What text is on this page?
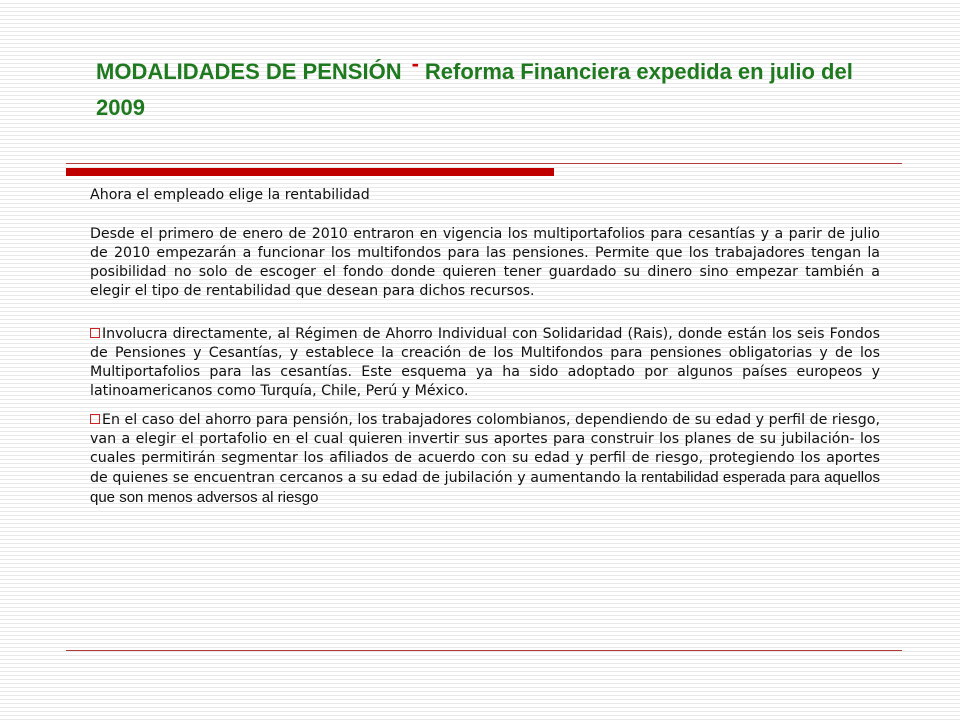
MODALIDADES DE PENSIÓN - Reforma Financiera expedida en julio del 2009

Ahora el empleado elige la rentabilidad

Desde el primero de enero de 2010 entraron en vigencia los multiportafolios para cesantías y a parir de julio de 2010 empezarán a funcionar los multifondos para las pensiones. Permite que los trabajadores tengan la posibilidad no solo de escoger el fondo donde quieren tener guardado su dinero sino empezar también a elegir el tipo de rentabilidad que desean para dichos recursos.

Involucra directamente, al Régimen de Ahorro Individual con Solidaridad (Rais), donde están los seis Fondos de Pensiones y Cesantías, y establece la creación de los Multifondos para pensiones obligatorias y de los Multiportafolios para las cesantías. Este esquema ya ha sido adoptado por algunos países europeos y latinoamericanos como Turquía, Chile, Perú y México.

En el caso del ahorro para pensión, los trabajadores colombianos, dependiendo de su edad y perfil de riesgo, van a elegir el portafolio en el cual quieren invertir sus aportes para construir los planes de su jubilación- los cuales permitirán segmentar los afiliados de acuerdo con su edad y perfil de riesgo, protegiendo los aportes de quienes se encuentran cercanos a su edad de jubilación y aumentando la rentabilidad esperada para aquellos que son menos adversos al riesgo
